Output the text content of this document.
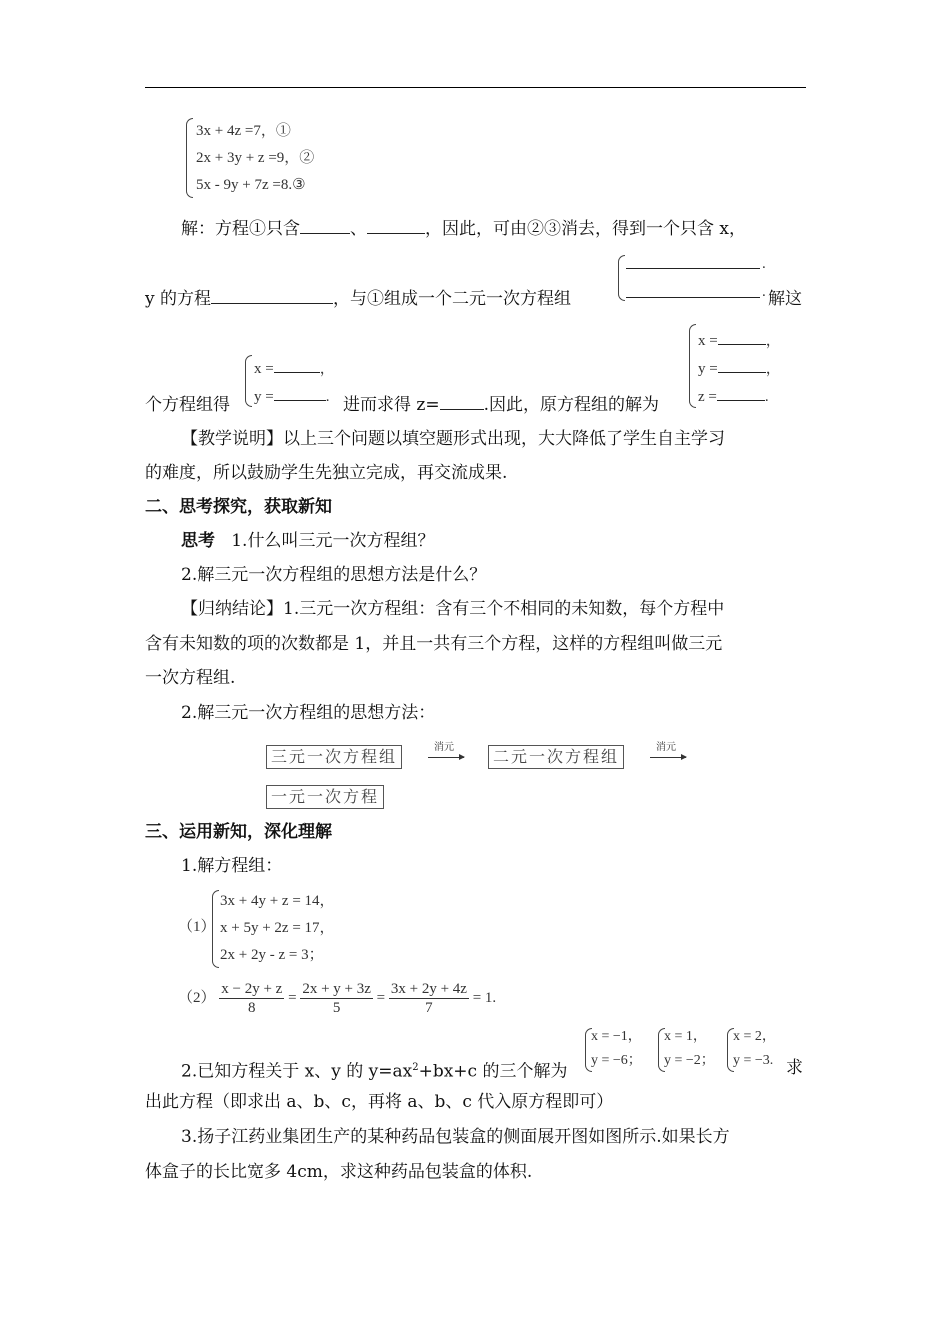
3x + 4z =7，①
2x + 3y + z =9，②
5x - 9y + 7z =8.③
解：方程①只含	、	，因此，可由②③消去，得到一个只含 x，
.
.
y 的方程	，与①组成一个二元一次方程组	解这
x =	，
y =	.
x =	，
y =	，
z =	.
个方程组得	进而求得 z=	.因此，原方程组的解为
【教学说明】以上三个问题以填空题形式出现，大大降低了学生自主学习
的难度，所以鼓励学生先独立完成，再交流成果.
二、思考探究，获取新知
思考 1.什么叫三元一次方程组？
2.解三元一次方程组的思想方法是什么？
【归纳结论】1.三元一次方程组：含有三个不相同的未知数，每个方程中
含有未知数的项的次数都是 1，并且一共有三个方程，这样的方程组叫做三元
一次方程组.
2.解三元一次方程组的思想方法：
三元一次方程组	消元	二元一次方程组	消元
一元一次方程
三、运用新知，深化理解
1.解方程组：
（1）
3x + 4y + z = 14，
x + 5y + 2z = 17，
2x + 2y - z = 3；
$(2) \frac{x - 2y + z}{8} = \frac{2x + y + 3z}{5} = \frac{3x + 2y + 4z}{7} = 1$.
2.已知方程关于 x、y 的 $y=ax^2+bx+c$ 的三个解为
x = −1，
y = −6；
x = 1，
y = −2；
x = 2，
y = −3. 求
出此方程（即求出 a、b、c，再将 a、b、c 代入原方程即可）
3.扬子江药业集团生产的某种药品包装盒的侧面展开图如图所示.如果长方
体盒子的长比宽多 4cm，求这种药品包装盒的体积.
